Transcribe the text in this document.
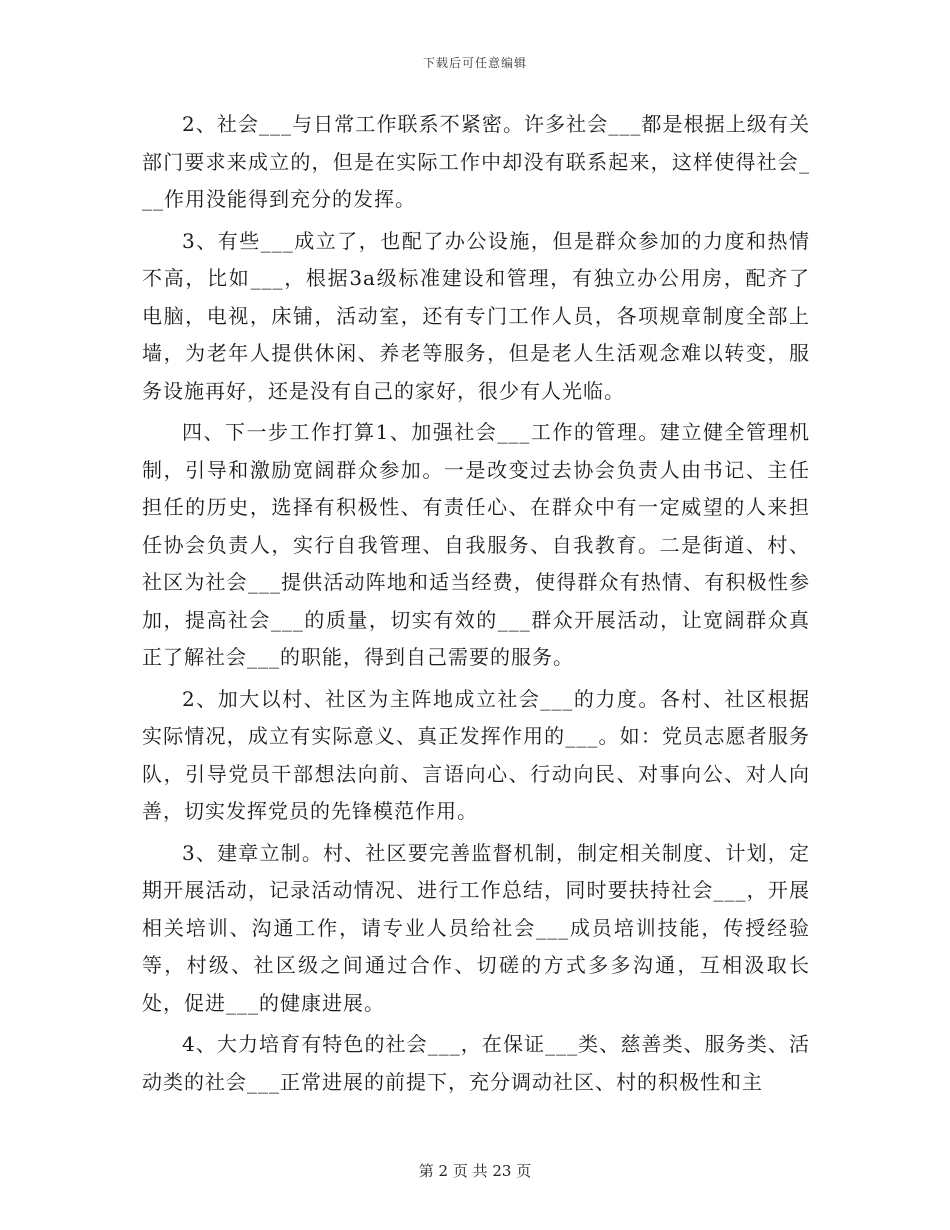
下载后可任意编辑

2、社会___与日常工作联系不紧密。许多社会___都是根据上级有关部门要求来成立的，但是在实际工作中却没有联系起来，这样使得社会___作用没能得到充分的发挥。

3、有些___成立了，也配了办公设施，但是群众参加的力度和热情不高，比如___，根据3a级标准建设和管理，有独立办公用房，配齐了电脑，电视，床铺，活动室，还有专门工作人员，各项规章制度全部上墙，为老年人提供休闲、养老等服务，但是老人生活观念难以转变，服务设施再好，还是没有自己的家好，很少有人光临。

四、下一步工作打算1、加强社会___工作的管理。建立健全管理机制，引导和激励宽阔群众参加。一是改变过去协会负责人由书记、主任担任的历史，选择有积极性、有责任心、在群众中有一定威望的人来担任协会负责人，实行自我管理、自我服务、自我教育。二是街道、村、社区为社会___提供活动阵地和适当经费，使得群众有热情、有积极性参加，提高社会___的质量，切实有效的___群众开展活动，让宽阔群众真正了解社会___的职能，得到自己需要的服务。

2、加大以村、社区为主阵地成立社会___的力度。各村、社区根据实际情况，成立有实际意义、真正发挥作用的___。如：党员志愿者服务队，引导党员干部想法向前、言语向心、行动向民、对事向公、对人向善，切实发挥党员的先锋模范作用。

3、建章立制。村、社区要完善监督机制，制定相关制度、计划，定期开展活动，记录活动情况、进行工作总结，同时要扶持社会___，开展相关培训、沟通工作，请专业人员给社会___成员培训技能，传授经验等，村级、社区级之间通过合作、切磋的方式多多沟通，互相汲取长处，促进___的健康进展。

4、大力培育有特色的社会___，在保证___类、慈善类、服务类、活动类的社会___正常进展的前提下，充分调动社区、村的积极性和主

第 2 页 共 23 页
